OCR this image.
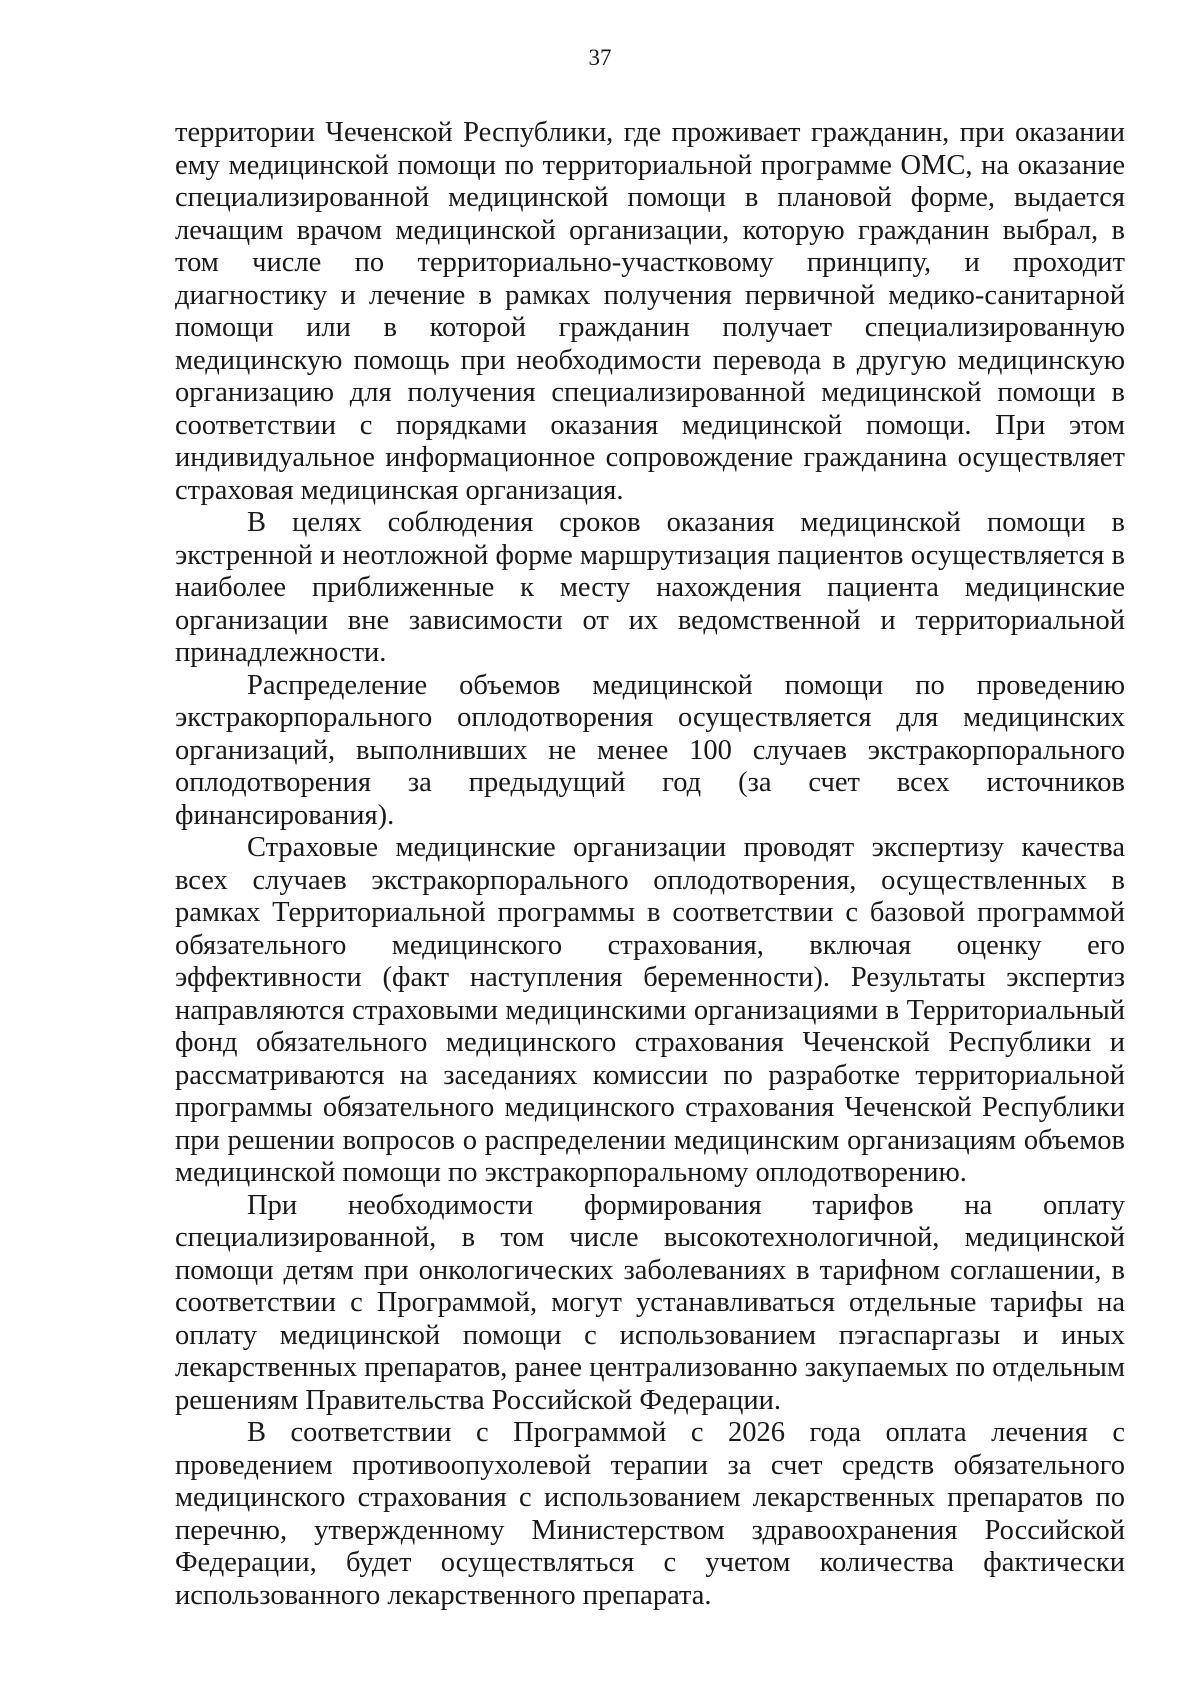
37

территории Чеченской Республики, где проживает гражданин, при оказании ему медицинской помощи по территориальной программе ОМС, на оказание специализированной медицинской помощи в плановой форме, выдается лечащим врачом медицинской организации, которую гражданин выбрал, в том числе по территориально-участковому принципу, и проходит диагностику и лечение в рамках получения первичной медико-санитарной помощи или в которой гражданин получает специализированную медицинскую помощь при необходимости перевода в другую медицинскую организацию для получения специализированной медицинской помощи в соответствии с порядками оказания медицинской помощи. При этом индивидуальное информационное сопровождение гражданина осуществляет страховая медицинская организация.

В целях соблюдения сроков оказания медицинской помощи в экстренной и неотложной форме маршрутизация пациентов осуществляется в наиболее приближенные к месту нахождения пациента медицинские организации вне зависимости от их ведомственной и территориальной принадлежности.

Распределение объемов медицинской помощи по проведению экстракорпорального оплодотворения осуществляется для медицинских организаций, выполнивших не менее 100 случаев экстракорпорального оплодотворения за предыдущий год (за счет всех источников финансирования).

Страховые медицинские организации проводят экспертизу качества всех случаев экстракорпорального оплодотворения, осуществленных в рамках Территориальной программы в соответствии с базовой программой обязательного медицинского страхования, включая оценку его эффективности (факт наступления беременности). Результаты экспертиз направляются страховыми медицинскими организациями в Территориальный фонд обязательного медицинского страхования Чеченской Республики и рассматриваются на заседаниях комиссии по разработке территориальной программы обязательного медицинского страхования Чеченской Республики при решении вопросов о распределении медицинским организациям объемов медицинской помощи по экстракорпоральному оплодотворению.

При необходимости формирования тарифов на оплату специализированной, в том числе высокотехнологичной, медицинской помощи детям при онкологических заболеваниях в тарифном соглашении, в соответствии с Программой, могут устанавливаться отдельные тарифы на оплату медицинской помощи с использованием пэгаспаргазы и иных лекарственных препаратов, ранее централизованно закупаемых по отдельным решениям Правительства Российской Федерации.

В соответствии с Программой с 2026 года оплата лечения с проведением противоопухолевой терапии за счет средств обязательного медицинского страхования с использованием лекарственных препаратов по перечню, утвержденному Министерством здравоохранения Российской Федерации, будет осуществляться с учетом количества фактически использованного лекарственного препарата.
